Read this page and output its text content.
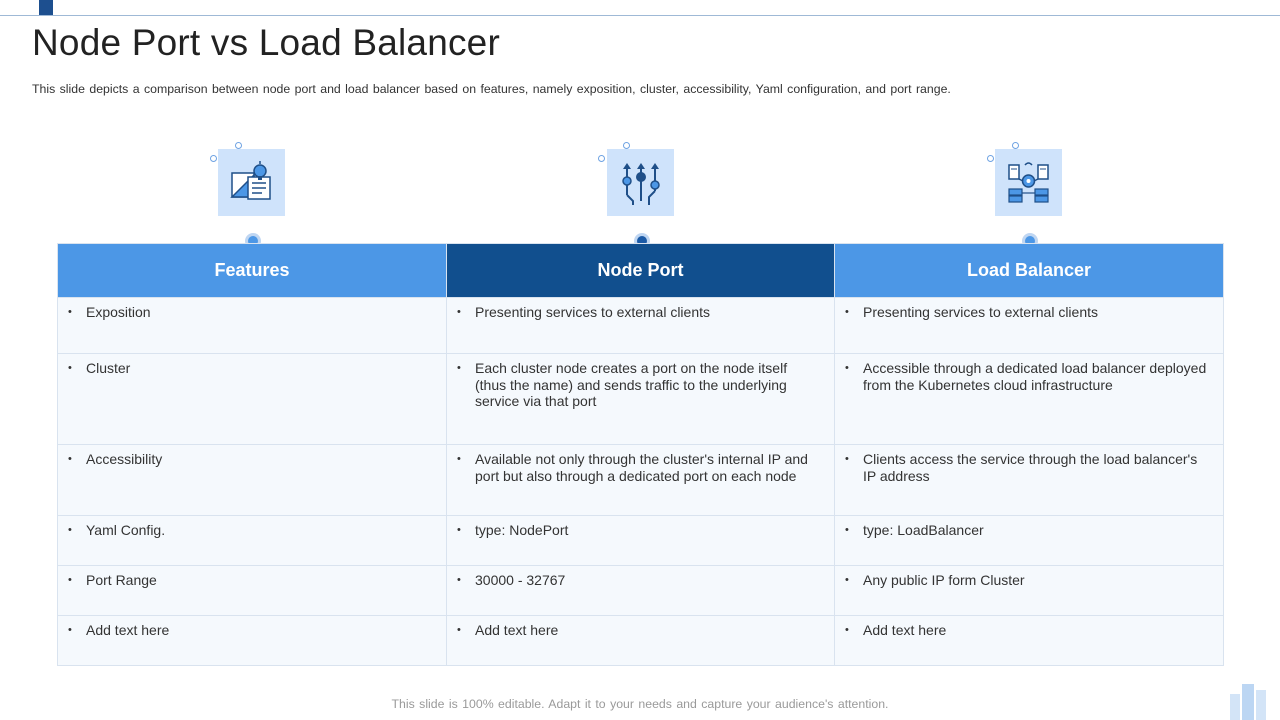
Node Port vs Load Balancer

This slide depicts a comparison between node port and load balancer based on features, namely exposition, cluster, accessibility, Yaml configuration, and port range.

Features	Node Port	Load Balancer
• Exposition	• Presenting services to external clients	• Presenting services to external clients
• Cluster	• Each cluster node creates a port on the node itself (thus the name) and sends traffic to the underlying service via that port	• Accessible through a dedicated load balancer deployed from the Kubernetes cloud infrastructure
• Accessibility	• Available not only through the cluster's internal IP and port but also through a dedicated port on each node	• Clients access the service through the load balancer's IP address
• Yaml Config.	• type: NodePort	• type: LoadBalancer
• Port Range	• 30000 - 32767	• Any public IP form Cluster
• Add text here	• Add text here	• Add text here
This slide is 100% editable. Adapt it to your needs and capture your audience's attention.
